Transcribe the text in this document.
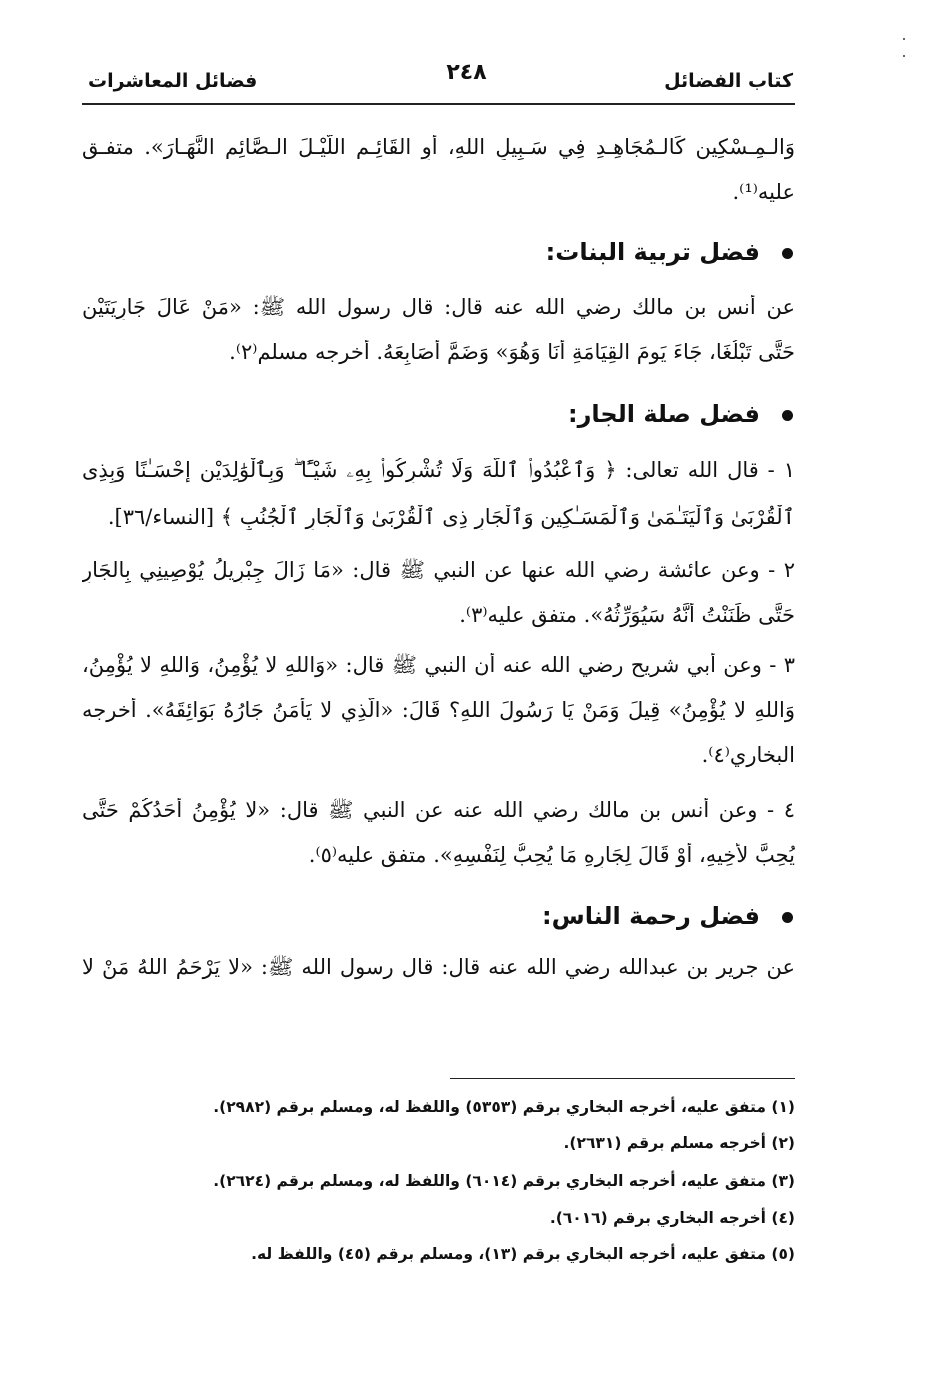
كتاب الفضائل
٢٤٨
فضائل المعاشرات
وَالـمِـسْكِينِ كَالـمُجَاهِـدِ فِي سَـبِيلِ اللهِ، أَوِ القَائِـمِ اللَّيْـلَ الـصَّائِمِ النَّهَـارَ». متفـق
عليه⁽¹⁾.
فضل تربية البنات:
عن أنس بن مالك رضي الله عنه قال: قال رسول الله ﷺ: «مَنْ عَالَ جَارِيَتَيْنِ
حَتَّى تَبْلُغَا، جَاءَ يَومَ القِيَامَةِ أَنَا وَهُوَ» وَضَمَّ أَصَابِعَهُ. أخرجه مسلم⁽٢⁾.
فضل صلة الجار:
١ - قال الله تعالى: ﴿ وَٱعْبُدُوا۟ ٱللَّهَ وَلَا تُشْرِكُوا۟ بِهِۦ شَيْـًٔا ۖ وَبِٱلْوَٰلِدَيْنِ إِحْسَـٰنًا وَبِذِى
ٱلْقُرْبَىٰ وَٱلْيَتَـٰمَىٰ وَٱلْمَسَـٰكِينِ وَٱلْجَارِ ذِى ٱلْقُرْبَىٰ وَٱلْجَارِ ٱلْجُنُبِ ﴾ [النساء/٣٦].
٢ - وعن عائشة رضي الله عنها عن النبي ﷺ قال: «مَا زَالَ جِبْرِيلُ يُوْصِينِي بِالجَارِ
حَتَّى ظَنَنْتُ أَنَّهُ سَيُوَرِّثُهُ». متفق عليه⁽٣⁾.
٣ - وعن أبي شريح رضي الله عنه أن النبي ﷺ قال: «وَاللهِ لا يُؤْمِنُ، وَاللهِ لا يُؤْمِنُ،
وَاللهِ لا يُؤْمِنُ» قِيلَ وَمَنْ يَا رَسُولَ اللهِ؟ قَالَ: «الَّذِي لا يَأْمَنُ جَارُهُ بَوَائِقَهُ». أخرجه
البخاري⁽٤⁾.
٤ - وعن أنس بن مالك رضي الله عنه عن النبي ﷺ قال: «لا يُؤْمِنُ أَحَدُكُمْ حَتَّى
يُحِبَّ لأَخِيهِ، أَوْ قَالَ لِجَارِهِ مَا يُحِبُّ لِنَفْسِهِ». متفق عليه⁽٥⁾.
فضل رحمة الناس:
عن جرير بن عبدالله رضي الله عنه قال: قال رسول الله ﷺ: «لا يَرْحَمُ اللهُ مَنْ لا
(١) متفق عليه، أخرجه البخاري برقم (٥٣٥٣) واللفظ له، ومسلم برقم (٢٩٨٢).
(٢) أخرجه مسلم برقم (٢٦٣١).
(٣) متفق عليه، أخرجه البخاري برقم (٦٠١٤) واللفظ له، ومسلم برقم (٢٦٢٤).
(٤) أخرجه البخاري برقم (٦٠١٦).
(٥) متفق عليه، أخرجه البخاري برقم (١٣)، ومسلم برقم (٤٥) واللفظ له.
